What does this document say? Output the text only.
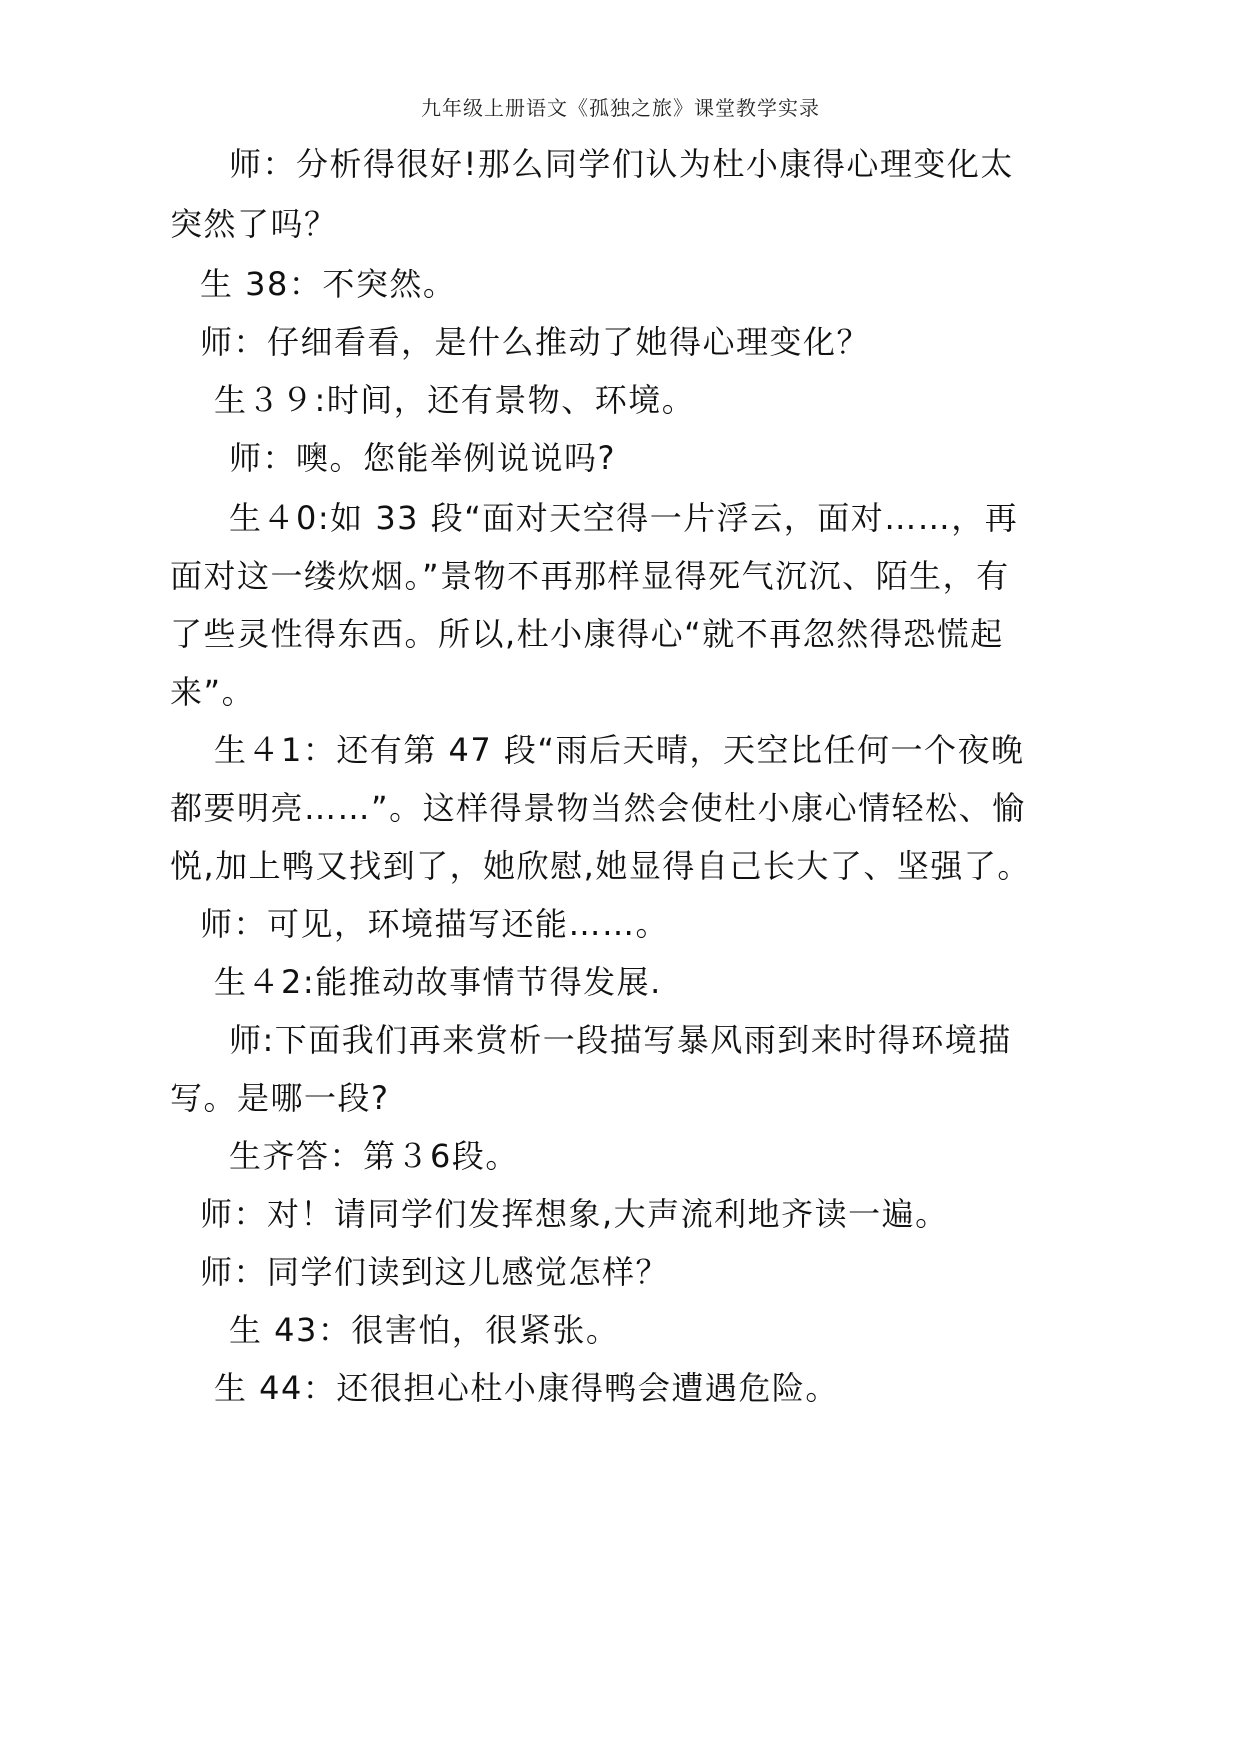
九年级上册语文《孤独之旅》课堂教学实录
师：分析得很好!那么同学们认为杜小康得心理变化太
突然了吗？
生 38：不突然。
师：仔细看看，是什么推动了她得心理变化？
生３９:时间，还有景物、环境。
师：噢。您能举例说说吗?
生４0:如 33 段“面对天空得一片浮云，面对……，再
面对这一缕炊烟。”景物不再那样显得死气沉沉、陌生，有
了些灵性得东西。所以,杜小康得心“就不再忽然得恐慌起
来”。
生４1：还有第 47 段“雨后天晴，天空比任何一个夜晚
都要明亮……”。这样得景物当然会使杜小康心情轻松、愉
悦,加上鸭又找到了，她欣慰,她显得自己长大了、坚强了。
师：可见，环境描写还能……。
生４2:能推动故事情节得发展.
师:下面我们再来赏析一段描写暴风雨到来时得环境描
写。是哪一段?
生齐答：第３6段。
师：对！请同学们发挥想象,大声流利地齐读一遍。
师：同学们读到这儿感觉怎样？
生 43：很害怕，很紧张。
生 44：还很担心杜小康得鸭会遭遇危险。
